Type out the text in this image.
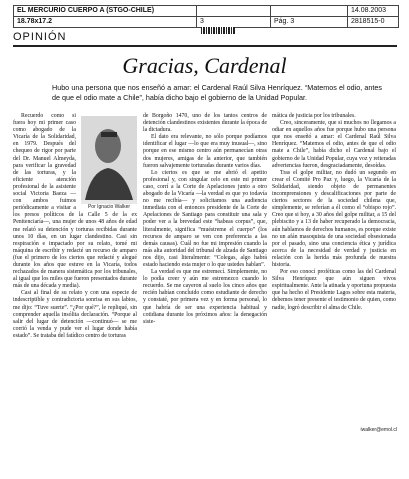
EL MERCURIO CUERPO A (STGO-CHILE)	14.08.2003
18.78x17.2	3	Pág. 3	2818515-0
OPINIÓN
Gracias, Cardenal
Hubo una persona que nos enseñó a amar: el Cardenal Raúl Silva Henríquez. “Matemos el odio, antes de que el odio mate a Chile”, había dicho bajo el gobierno de la Unidad Popular.
Por Ignacio Walker

Recuerdo como si fuera hoy mi primer caso como abogado de la Vicaría de la Solidaridad, en 1979. Después del chequeo de rigor por parte del Dr. Manuel Almeyda, para verificar la gravedad de las torturas, y la eficiente atención profesional de la asistente social Victoria Baeza —con ambos fuimos periódicamente a visitar a los presos políticos de la Calle 5 de la ex Penitenciaría—, una mujer de unos 48 años de edad me relató su detención y torturas recibidas durante unos 10 días, en un lugar clandestino. Casi sin respiración e impactado por su relato, tomé mi máquina de escribir y redacté un recurso de amparo (fue el primero de los ciertos que redacté y alegué durante los años que estuve en la Vicaría, todos rechazados de manera sistemática por los tribunales, al igual que los miles que fueron presentados durante más de una década y media).

Casi al final de su relato y con una especie de indescriptible y contradictoria sonrisa en sus labios, me dijo: “Tuve suerte”. “¿Por qué?”, le repliqué, sin comprender aquella insólita declaración. “Porque al salir del lugar de detención —continuó— se me corrió la venda y pude ver el lugar donde había estado”. Se trataba del fatídico centro de torturas

de Borgoño 1470, uno de los tantos centros de detención clandestinos existentes durante la época de la dictadura.

El dato era relevante, no sólo porque podíamos identificar el lugar —lo que era muy inusual—, sino porque en ese mismo centro aún permanecían otras dos mujeres, amigas de la anterior, que también fueron salvajemente torturadas durante varios días.

Lo ciertos es que se me abrió el apetito profesional y, con singular celo en este mi primer caso, corrí a la Corte de Apelaciones junto a otro abogado de la Vicaría —la verdad es que yo todavía no me recibía— y solicitamos una audiencia inmediata con el entonces presidente de la Corte de Apelaciones de Santiago para constituir una sala y poder ver a la brevedad este “habeas corpus”, que, literalmente, significa “muéstreme el cuerpo” (los recursos de amparo se ven con preferencia a las demás causas). Cuál no fue mi impresión cuando la más alta autoridad del tribunal de alzada de Santiago nos dijo, casi literalmente: “Colegas, algo habrá estado haciendo esta mujer o lo que ustedes hablan”.

La verdad es que me estremecí. Simplemente, no lo podía creer y aún me estremezco cuando lo recuerdo. Se me cayeron al suelo los cinco años que recién habían concluido como estudiante de derecho y constaté, por primera vez y en forma personal, lo que habría de ser una experiencia habitual y cotidiana durante los próximos años: la denegación siste-

mática de justicia por los tribunales.

Creo, sinceramente, que si muchos no llegamos a odiar en aquellos años fue porque hubo una persona que nos enseñó a amar: el Cardenal Raúl Silva Henríquez. “Matemos el odio, antes de que el odio mate a Chile”, había dicho el Cardenal bajo el gobierno de la Unidad Popular, cuya voz y reiteradas advertencias fueron, desgraciadamente, desoídas.

Tras el golpe militar, no dudó un segundo en crear el Comité Pro Paz y, luego, la Vicaría de la Solidaridad, siendo objeto de permanentes incomprensiones y descalificaciones por parte de ciertos sectores de la sociedad chilena que, simplemente, se referían a él como el “obispo rojo”. Creo que si hoy, a 30 años del golpe militar, a 15 del plebiscito y a 13 de haber recuperado la democracia, aún hablamos de derechos humanos, es porque existe no un afán masoquista de una sociedad obsesionada por el pasado, sino una conciencia ética y jurídica acerca de la necesidad de verdad y justicia en relación con la herida más profunda de nuestra historia.

Por eso conocí proféticas como las del Cardenal Silva Henríquez que aún siguen vivos espiritualmente. Ante la atinada y oportuna propuesta que ha hecho el Presidente Lagos sobre esta materia, debemos tener presente el testimonio de quien, como nadie, logró describir el alma de Chile.

iwalker@emol.cl
